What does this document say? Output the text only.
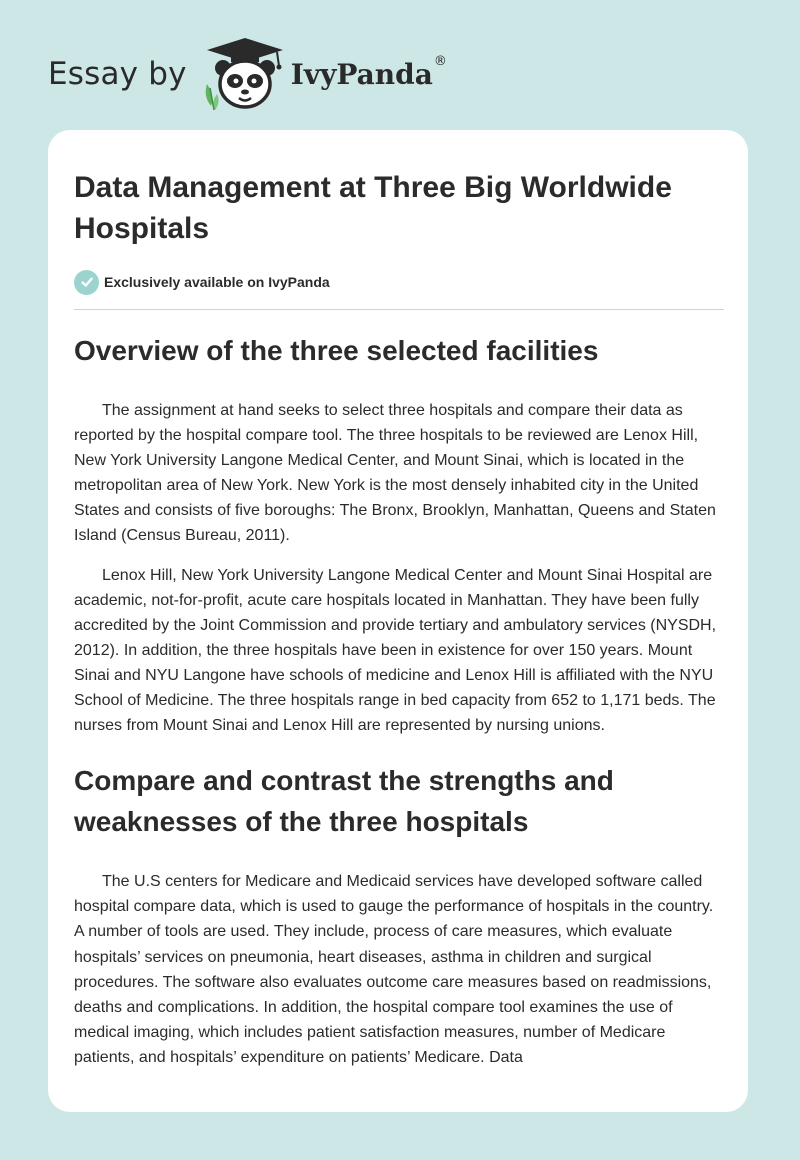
Essay by	IvyPanda ®
Data Management at Three Big Worldwide Hospitals
Exclusively available on IvyPanda
Overview of the three selected facilities

The assignment at hand seeks to select three hospitals and compare their data as reported by the hospital compare tool. The three hospitals to be reviewed are Lenox Hill, New York University Langone Medical Center, and Mount Sinai, which is located in the metropolitan area of New York. New York is the most densely inhabited city in the United States and consists of five boroughs: The Bronx, Brooklyn, Manhattan, Queens and Staten Island (Census Bureau, 2011).

Lenox Hill, New York University Langone Medical Center and Mount Sinai Hospital are academic, not-for-profit, acute care hospitals located in Manhattan. They have been fully accredited by the Joint Commission and provide tertiary and ambulatory services (NYSDH, 2012). In addition, the three hospitals have been in existence for over 150 years. Mount Sinai and NYU Langone have schools of medicine and Lenox Hill is affiliated with the NYU School of Medicine. The three hospitals range in bed capacity from 652 to 1,171 beds. The nurses from Mount Sinai and Lenox Hill are represented by nursing unions.

Compare and contrast the strengths and weaknesses of the three hospitals

The U.S centers for Medicare and Medicaid services have developed software called hospital compare data, which is used to gauge the performance of hospitals in the country. A number of tools are used. They include, process of care measures, which evaluate hospitals’ services on pneumonia, heart diseases, asthma in children and surgical procedures. The software also evaluates outcome care measures based on readmissions, deaths and complications. In addition, the hospital compare tool examines the use of medical imaging, which includes patient satisfaction measures, number of Medicare patients, and hospitals’ expenditure on patients’ Medicare. Data
